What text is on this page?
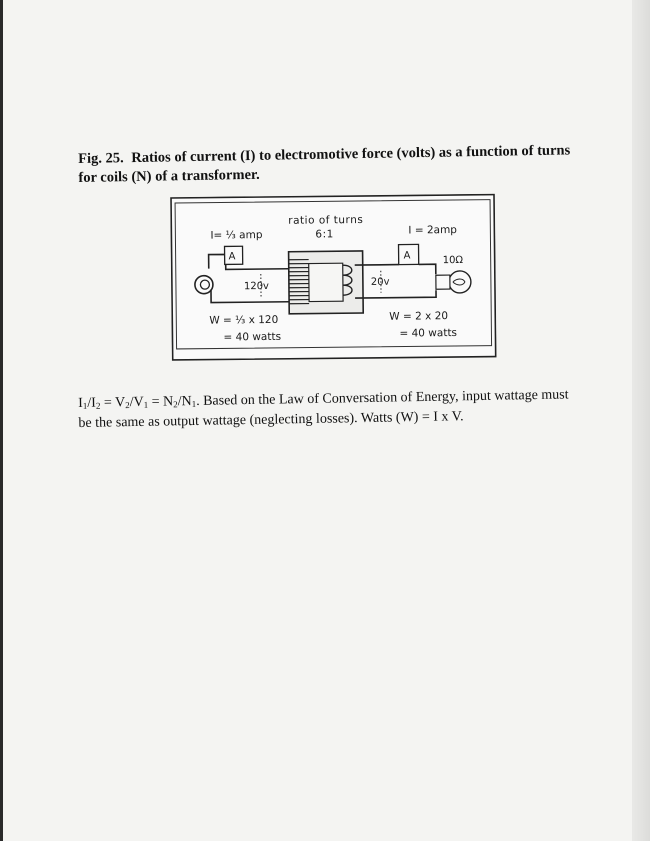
Fig. 25. Ratios of current (I) to electromotive force (volts) as a function of turns for coils (N) of a transformer.
A
120v
A
20v
10Ω
I= ⅓ amp
ratio of turns
6:1	I = 2amp
W = ⅓ x 120
= 40 watts
W = 2 x 20
= 40 watts
$I_1/I_2 = V_2/V_1 = N_2/N_1$. Based on the Law of Conversation of Energy, input wattage must be the same as output wattage (neglecting losses). Watts (W) = I x V.
